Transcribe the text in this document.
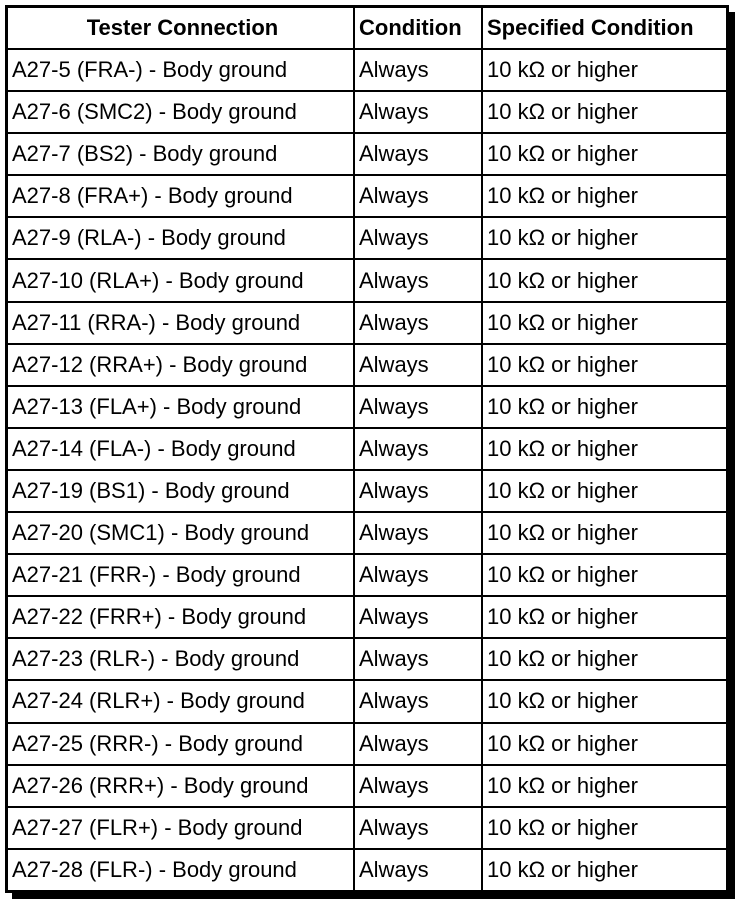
Tester Connection	Condition	Specified Condition
A27-5 (FRA-) - Body ground	Always	10 kΩ or higher
A27-6 (SMC2) - Body ground	Always	10 kΩ or higher
A27-7 (BS2) - Body ground	Always	10 kΩ or higher
A27-8 (FRA+) - Body ground	Always	10 kΩ or higher
A27-9 (RLA-) - Body ground	Always	10 kΩ or higher
A27-10 (RLA+) - Body ground	Always	10 kΩ or higher
A27-11 (RRA-) - Body ground	Always	10 kΩ or higher
A27-12 (RRA+) - Body ground	Always	10 kΩ or higher
A27-13 (FLA+) - Body ground	Always	10 kΩ or higher
A27-14 (FLA-) - Body ground	Always	10 kΩ or higher
A27-19 (BS1) - Body ground	Always	10 kΩ or higher
A27-20 (SMC1) - Body ground	Always	10 kΩ or higher
A27-21 (FRR-) - Body ground	Always	10 kΩ or higher
A27-22 (FRR+) - Body ground	Always	10 kΩ or higher
A27-23 (RLR-) - Body ground	Always	10 kΩ or higher
A27-24 (RLR+) - Body ground	Always	10 kΩ or higher
A27-25 (RRR-) - Body ground	Always	10 kΩ or higher
A27-26 (RRR+) - Body ground	Always	10 kΩ or higher
A27-27 (FLR+) - Body ground	Always	10 kΩ or higher
A27-28 (FLR-) - Body ground	Always	10 kΩ or higher
